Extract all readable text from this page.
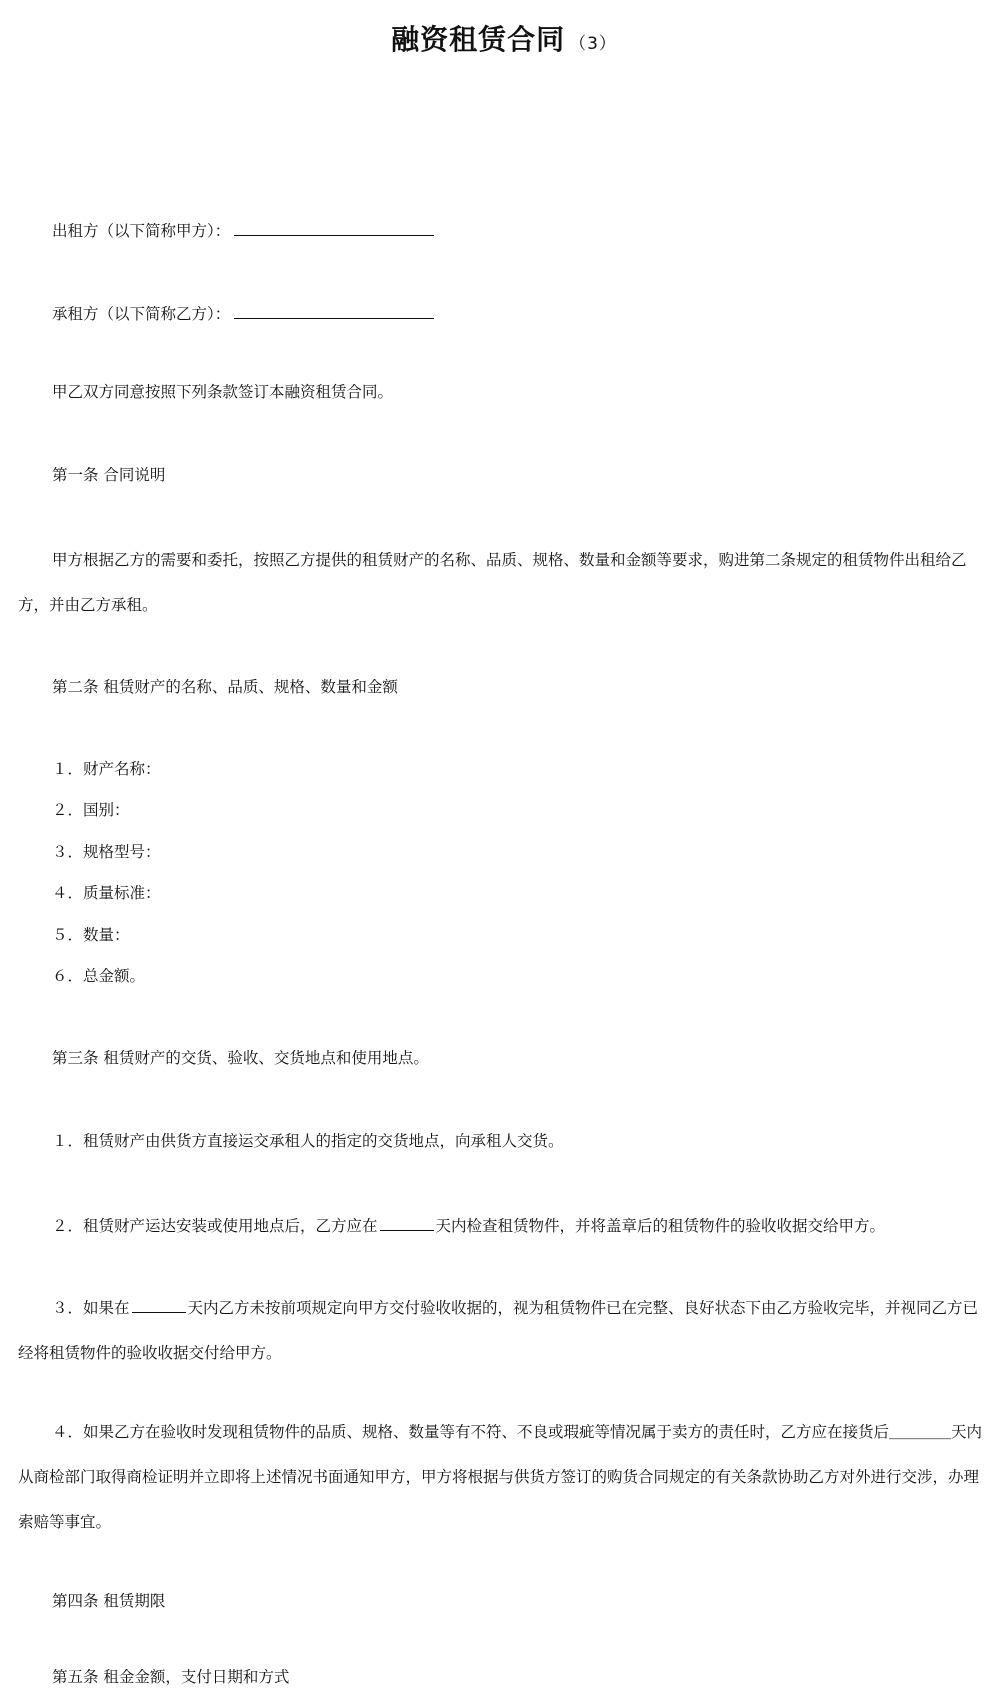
融资租赁合同 （3）
出租方（以下简称甲方）：
承租方（以下简称乙方）：
甲乙双方同意按照下列条款签订本融资租赁合同。
第一条 合同说明
甲方根据乙方的需要和委托，按照乙方提供的租赁财产的名称、品质、规格、数量和金额等要求，购进第二条规定的租赁物件出租给乙方，并由乙方承租。
第二条 租赁财产的名称、品质、规格、数量和金额
１．财产名称：
２．国别：
３．规格型号：
４．质量标准：
５．数量：
６．总金额。
第三条 租赁财产的交货、验收、交货地点和使用地点。
１．租赁财产由供货方直接运交承租人的指定的交货地点，向承租人交货。
２．租赁财产运达安装或使用地点后，乙方应在	天内检查租赁物件，并将盖章后的租赁物件的验收收据交给甲方。
３．如果在	天内乙方未按前项规定向甲方交付验收收据的，视为租赁物件已在完整、良好状态下由乙方验收完毕，并视同乙方已经将租赁物件的验收收据交付给甲方。
４．如果乙方在验收时发现租赁物件的品质、规格、数量等有不符、不良或瑕疵等情况属于卖方的责任时，乙方应在接货后＿＿＿＿天内从商检部门取得商检证明并立即将上述情况书面通知甲方，甲方将根据与供货方签订的购货合同规定的有关条款协助乙方对外进行交涉，办理索赔等事宜。
第四条 租赁期限
第五条 租金金额，支付日期和方式
